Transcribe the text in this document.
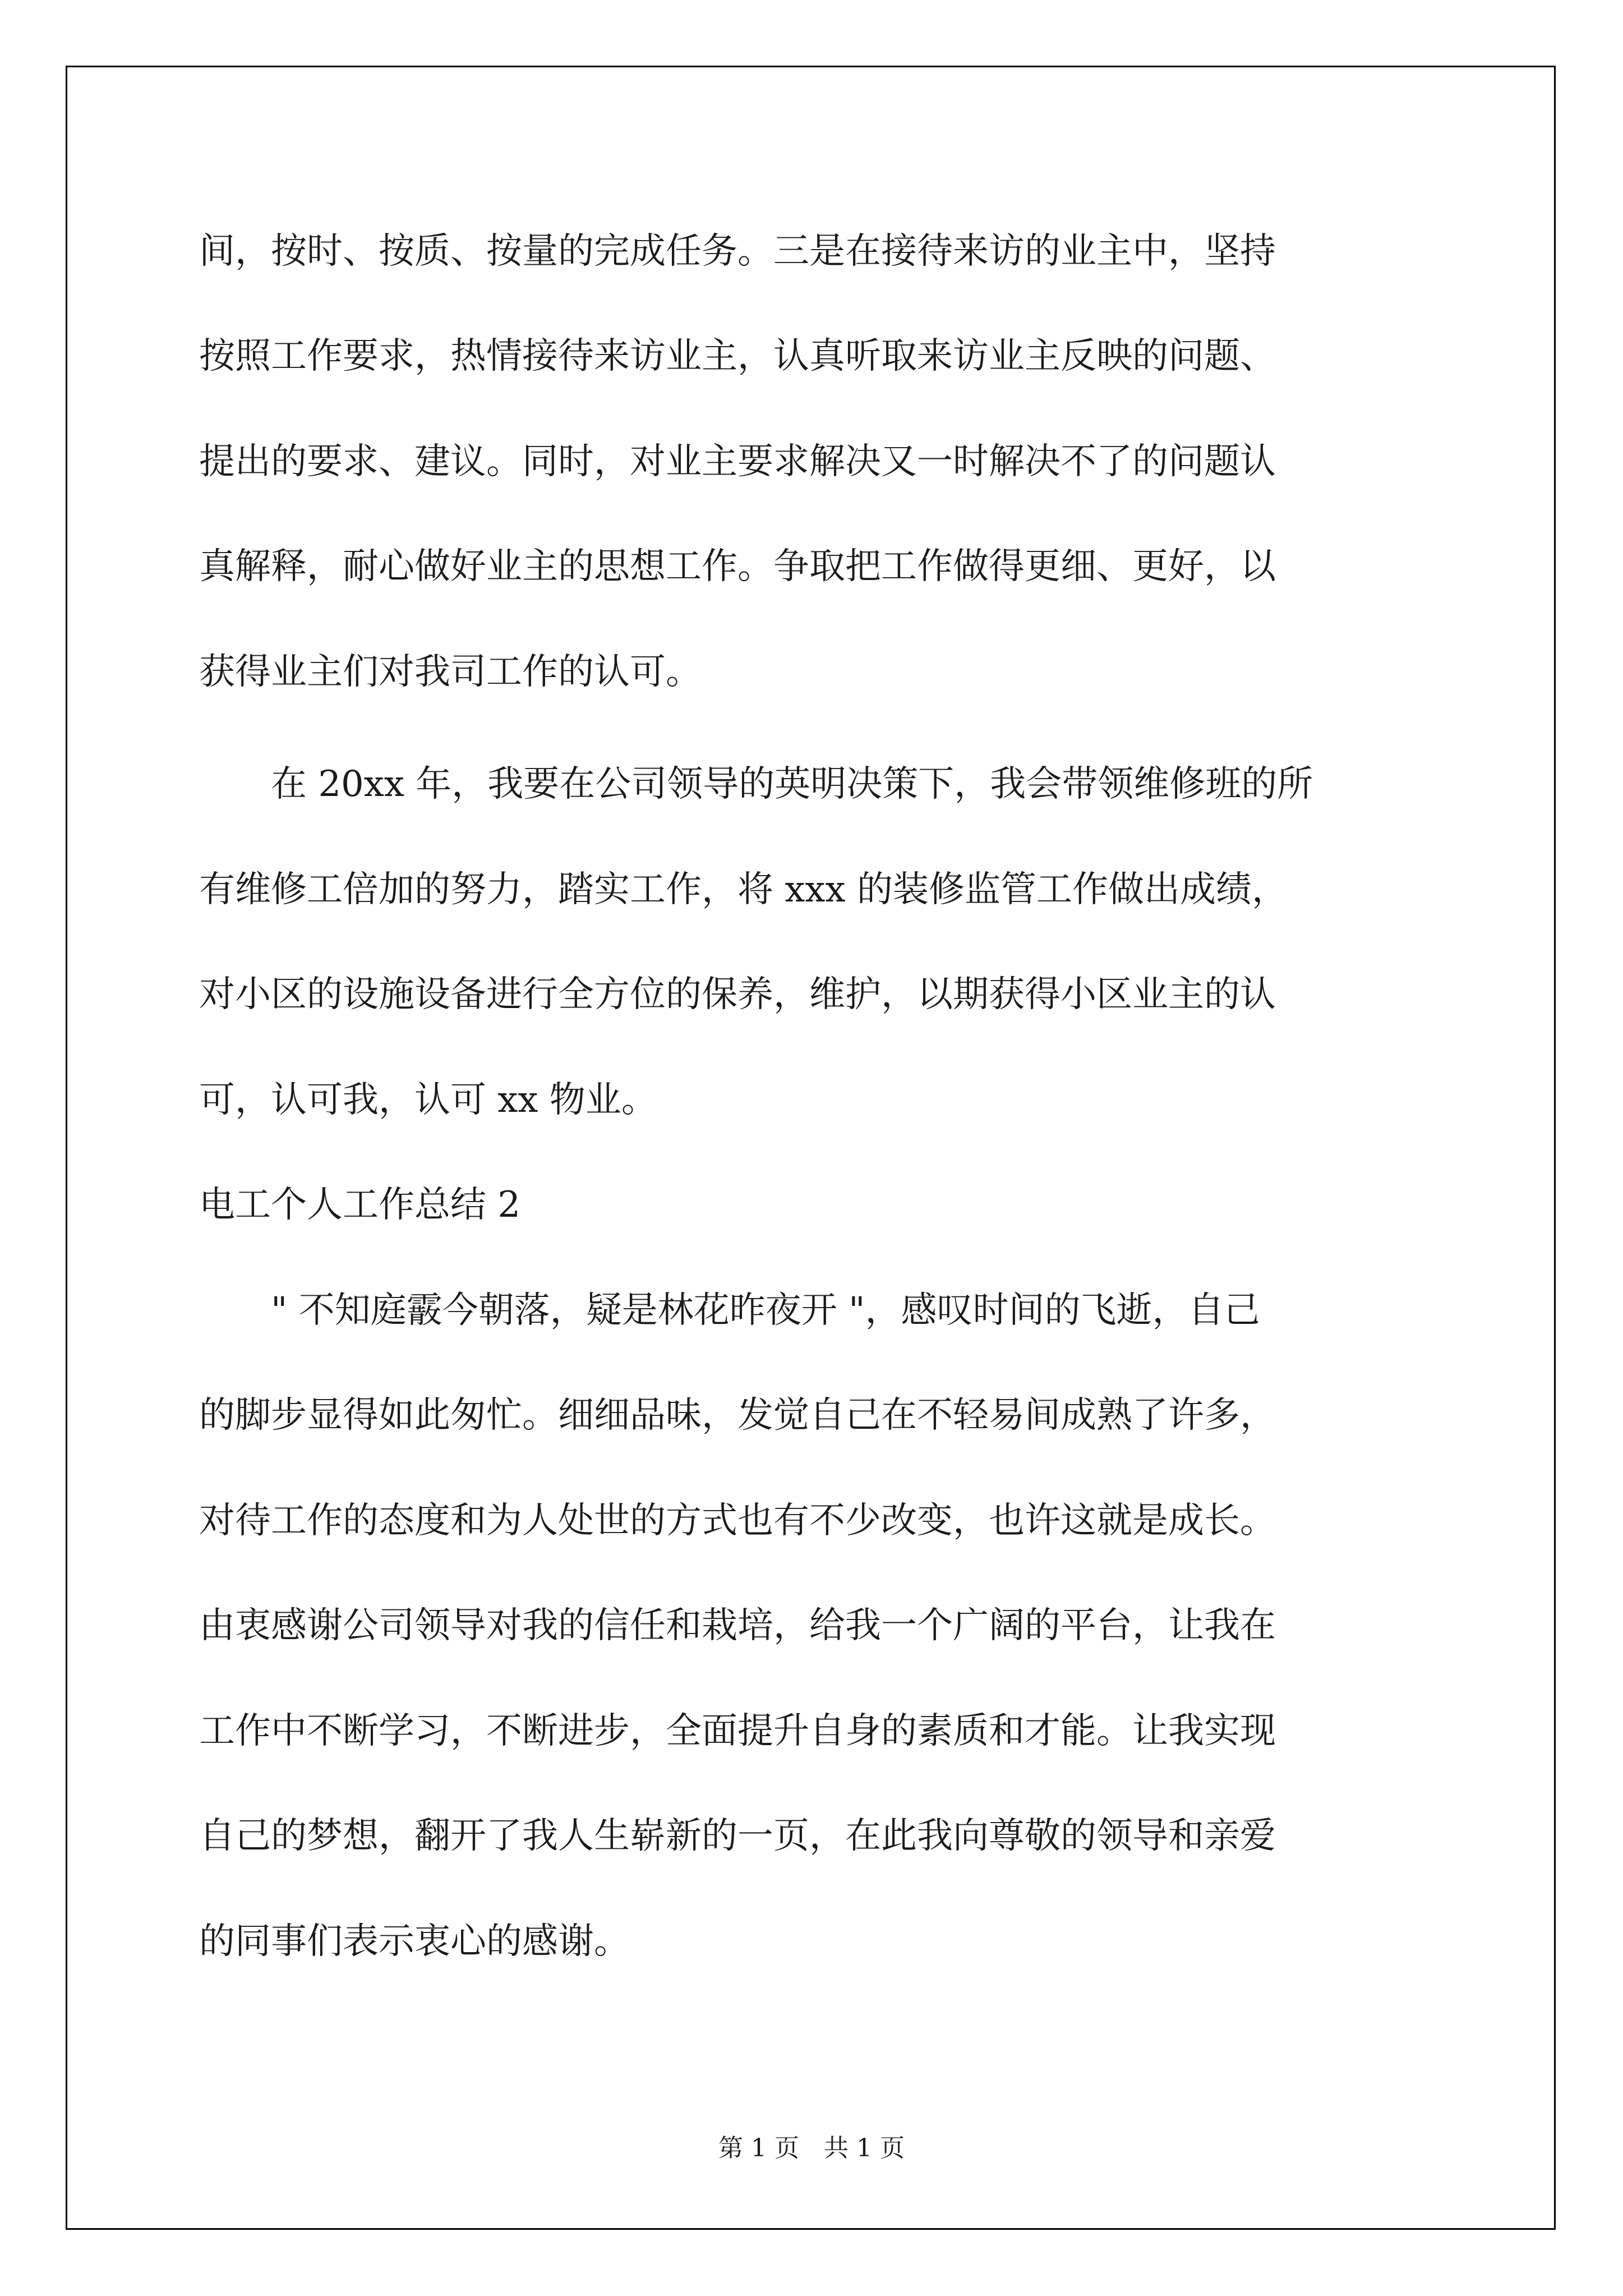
间，按时、按质、按量的完成任务。三是在接待来访的业主中，坚持
按照工作要求，热情接待来访业主，认真听取来访业主反映的问题、
提出的要求、建议。同时，对业主要求解决又一时解决不了的问题认
真解释，耐心做好业主的思想工作。争取把工作做得更细、更好，以
获得业主们对我司工作的认可。
　　在 20xx 年，我要在公司领导的英明决策下，我会带领维修班的所
有维修工倍加的努力，踏实工作，将 xxx 的装修监管工作做出成绩，
对小区的设施设备进行全方位的保养，维护，以期获得小区业主的认
可，认可我，认可 xx 物业。
电工个人工作总结 2
　　" 不知庭霰今朝落，疑是林花昨夜开 "，感叹时间的飞逝，自己
的脚步显得如此匆忙。细细品味，发觉自己在不轻易间成熟了许多，
对待工作的态度和为人处世的方式也有不少改变，也许这就是成长。
由衷感谢公司领导对我的信任和栽培，给我一个广阔的平台，让我在
工作中不断学习，不断进步，全面提升自身的素质和才能。让我实现
自己的梦想，翻开了我人生崭新的一页，在此我向尊敬的领导和亲爱
的同事们表示衷心的感谢。
第 1 页　共 1 页
